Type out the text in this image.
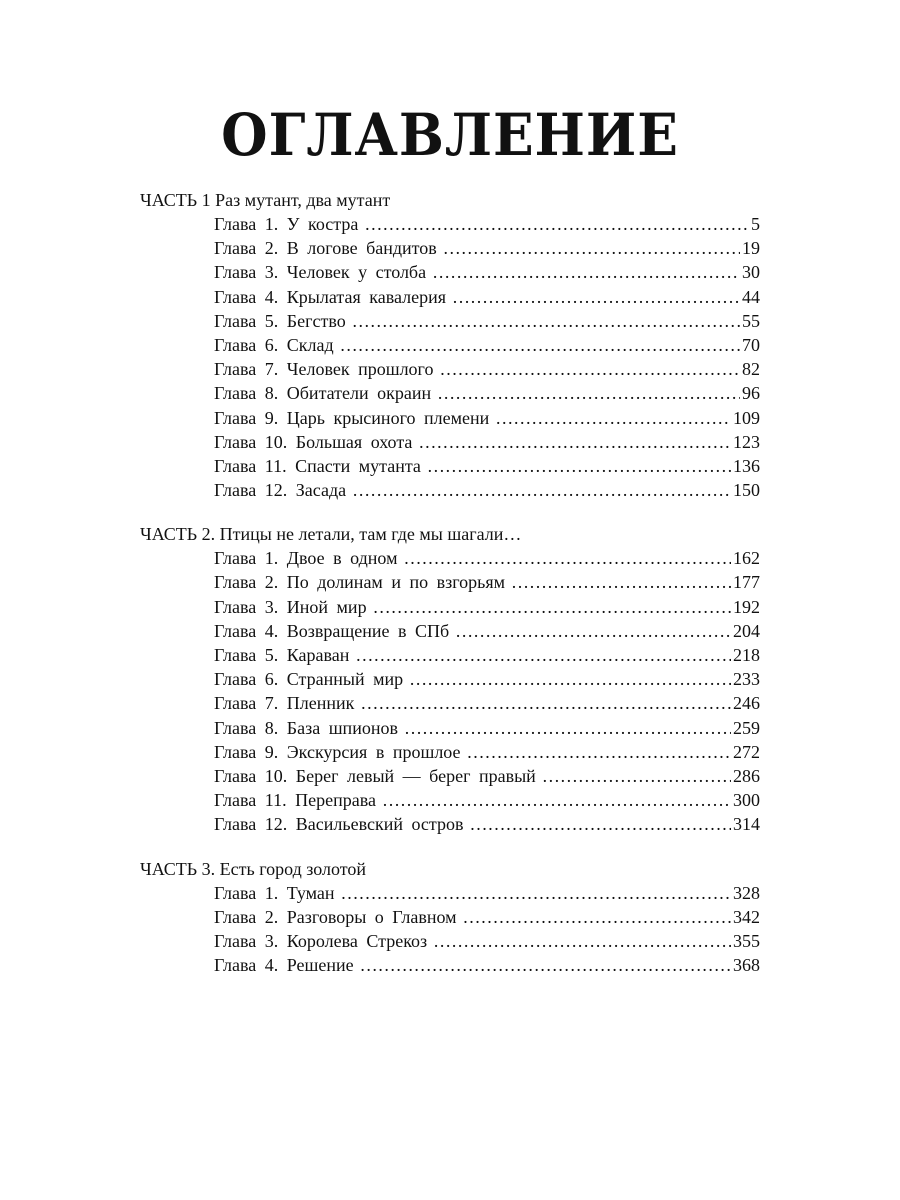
ОГЛАВЛЕНИЕ
ЧАСТЬ 1 Раз мутант, два мутант
Глава 1. У костра ………………………………………………………………………………………………………………………………………………………………………………………………	5
Глава 2. В логове бандитов ………………………………………………………………………………………………………………………………………………………………………………………………	19
Глава 3. Человек у столба ………………………………………………………………………………………………………………………………………………………………………………………………	30
Глава 4. Крылатая кавалерия ………………………………………………………………………………………………………………………………………………………………………………………………	44
Глава 5. Бегство ………………………………………………………………………………………………………………………………………………………………………………………………	55
Глава 6. Склад ………………………………………………………………………………………………………………………………………………………………………………………………	70
Глава 7. Человек прошлого ………………………………………………………………………………………………………………………………………………………………………………………………	82
Глава 8. Обитатели окраин ………………………………………………………………………………………………………………………………………………………………………………………………	96
Глава 9. Царь крысиного племени ………………………………………………………………………………………………………………………………………………………………………………………………	109
Глава 10. Большая охота ………………………………………………………………………………………………………………………………………………………………………………………………	123
Глава 11. Спасти мутанта ………………………………………………………………………………………………………………………………………………………………………………………………	136
Глава 12. Засада ………………………………………………………………………………………………………………………………………………………………………………………………	150
ЧАСТЬ 2. Птицы не летали, там где мы шагали…
Глава 1. Двое в одном ………………………………………………………………………………………………………………………………………………………………………………………………	162
Глава 2. По долинам и по взгорьям ………………………………………………………………………………………………………………………………………………………………………………………………	177
Глава 3. Иной мир ………………………………………………………………………………………………………………………………………………………………………………………………	192
Глава 4. Возвращение в СПб ………………………………………………………………………………………………………………………………………………………………………………………………	204
Глава 5. Караван ………………………………………………………………………………………………………………………………………………………………………………………………	218
Глава 6. Странный мир ………………………………………………………………………………………………………………………………………………………………………………………………	233
Глава 7. Пленник ………………………………………………………………………………………………………………………………………………………………………………………………	246
Глава 8. База шпионов ………………………………………………………………………………………………………………………………………………………………………………………………	259
Глава 9. Экскурсия в прошлое ………………………………………………………………………………………………………………………………………………………………………………………………	272
Глава 10. Берег левый — берег правый ………………………………………………………………………………………………………………………………………………………………………………………………	286
Глава 11. Переправа ………………………………………………………………………………………………………………………………………………………………………………………………	300
Глава 12. Васильевский остров ………………………………………………………………………………………………………………………………………………………………………………………………	314
ЧАСТЬ 3. Есть город золотой
Глава 1. Туман ………………………………………………………………………………………………………………………………………………………………………………………………	328
Глава 2. Разговоры о Главном ………………………………………………………………………………………………………………………………………………………………………………………………	342
Глава 3. Королева Стрекоз ………………………………………………………………………………………………………………………………………………………………………………………………	355
Глава 4. Решение ………………………………………………………………………………………………………………………………………………………………………………………………	368
